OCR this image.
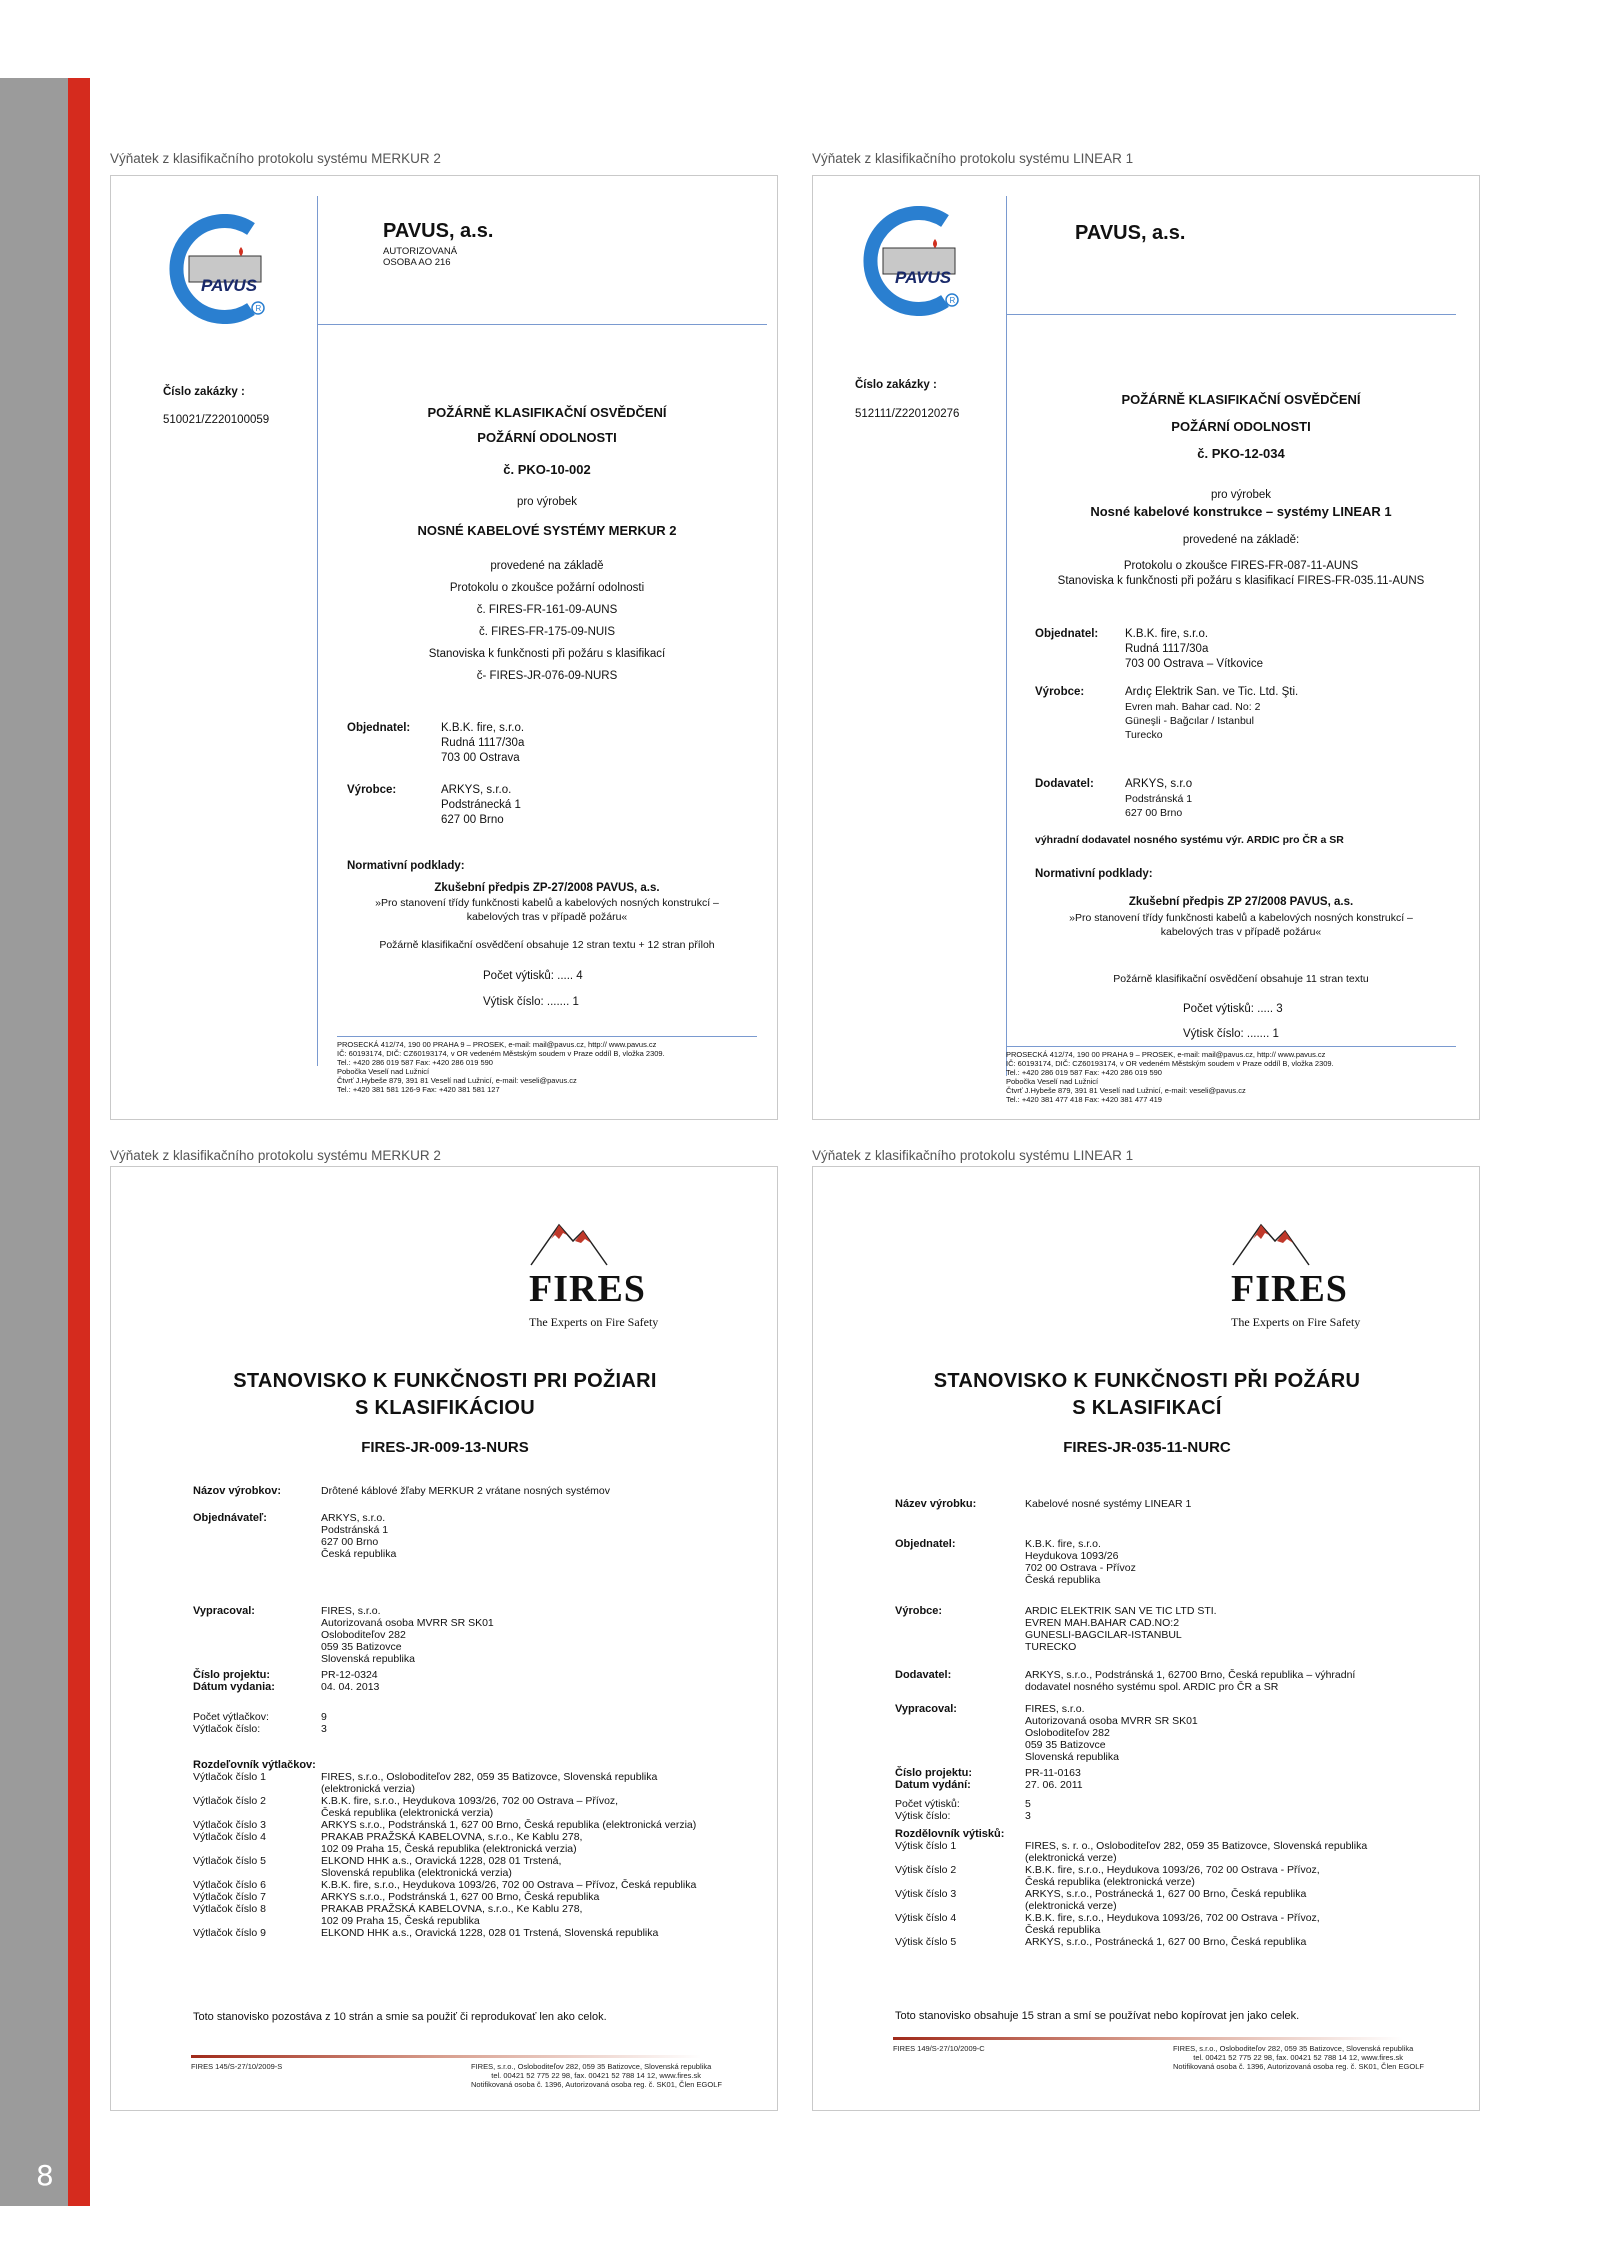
8
Výňatek z klasifikačního protokolu systému MERKUR 2	Výňatek z klasifikačního protokolu systému LINEAR 1
Výňatek z klasifikačního protokolu systému MERKUR 2	Výňatek z klasifikačního protokolu systému LINEAR 1
R
PAVUS
PAVUS, a.s.
AUTORIZOVANÁ
OSOBA AO 216
Číslo zakázky :
510021/Z220100059	POŽÁRNĚ KLASIFIKAČNÍ OSVĚDČENÍ
POŽÁRNÍ ODOLNOSTI
č. PKO-10-002
pro výrobek
NOSNÉ KABELOVÉ SYSTÉMY MERKUR 2
provedené na základě
Protokolu o zkoušce požární odolnosti
č. FIRES-FR-161-09-AUNS
č. FIRES-FR-175-09-NUIS
Stanoviska k funkčnosti při požáru s klasifikací
č- FIRES-JR-076-09-NURS
Objednatel:	K.B.K. fire, s.r.o.
Rudná 1117/30a
703 00 Ostrava
Výrobce:	ARKYS, s.r.o.
Podstránecká 1
627 00 Brno
Normativní podklady:
Zkušební předpis ZP-27/2008 PAVUS, a.s.
»Pro stanovení třídy funkčnosti kabelů a kabelových nosných konstrukcí –
kabelových tras v případě požáru«
Požárně klasifikační osvědčení obsahuje 12 stran textu + 12 stran příloh
Počet výtisků: ..... 4
Výtisk číslo: ....... 1
PROSECKÁ 412/74, 190 00 PRAHA 9 – PROSEK, e-mail: mail@pavus.cz, http:// www.pavus.cz
IČ: 60193174, DIČ: CZ60193174, v OR vedeném Městským soudem v Praze oddíl B, vložka 2309.
Tel.: +420 286 019 587 Fax: +420 286 019 590
Pobočka Veselí nad Lužnicí
Čtvrť J.Hybeše 879, 391 81 Veselí nad Lužnicí, e-mail: veseli@pavus.cz
Tel.: +420 381 581 126-9 Fax: +420 381 581 127
R
PAVUS
PAVUS, a.s.
Číslo zakázky :
512111/Z220120276
POŽÁRNĚ KLASIFIKAČNÍ OSVĚDČENÍ
POŽÁRNÍ ODOLNOSTI
č. PKO-12-034
pro výrobek
Nosné kabelové konstrukce – systémy LINEAR 1
provedené na základě:
Protokolu o zkoušce FIRES-FR-087-11-AUNS
Stanoviska k funkčnosti při požáru s klasifikací FIRES-FR-035.11-AUNS
Objednatel: K.B.K. fire, s.r.o.
Rudná 1117/30a
703 00 Ostrava – Vítkovice
Výrobce:	Ardıç Elektrik San. ve Tic. Ltd. Şti.
Evren mah. Bahar cad. No: 2
Güneşli - Bağcılar / Istanbul
Turecko
Dodavatel:	ARKYS, s.r.o
Podstránská 1
627 00 Brno
výhradní dodavatel nosného systému výr. ARDIC pro ČR a SR
Normativní podklady:
Zkušební předpis ZP 27/2008 PAVUS, a.s.
»Pro stanovení třídy funkčnosti kabelů a kabelových nosných konstrukcí –
kabelových tras v případě požáru«
Požárně klasifikační osvědčení obsahuje 11 stran textu
Počet výtisků: ..... 3
Výtisk číslo: ....... 1
PROSECKÁ 412/74, 190 00 PRAHA 9 – PROSEK, e-mail: mail@pavus.cz, http:// www.pavus.cz
IČ: 60193174, DIČ: CZ60193174, v OR vedeném Městským soudem v Praze oddíl B, vložka 2309.
Tel.: +420 286 019 587 Fax: +420 286 019 590
Pobočka Veselí nad Lužnicí
Čtvrť J.Hybeše 879, 391 81 Veselí nad Lužnicí, e-mail: veseli@pavus.cz
Tel.: +420 381 477 418 Fax: +420 381 477 419
FIRES
The Experts on Fire Safety
STANOVISKO K FUNKČNOSTI PRI POŽIARI
S KLASIFIKÁCIOU
FIRES-JR-009-13-NURS
Toto stanovisko pozostáva z 10 strán a smie sa použiť či reprodukovať len ako celok.
FIRES 145/S-27/10/2009-S	FIRES, s.r.o., Osloboditeľov 282, 059 35 Batizovce, Slovenská republika
tel. 00421 52 775 22 98, fax. 00421 52 788 14 12, www.fires.sk
Notifikovaná osoba č. 1396, Autorizovaná osoba reg. č. SK01, Člen EGOLF
Názov výrobkov:	Drôtené káblové žľaby MERKUR 2 vrátane nosných systémov
Objednávateľ:	ARKYS, s.r.o.
Podstránská 1
627 00 Brno
Česká republika
Vypracoval:	FIRES, s.r.o.
Autorizovaná osoba MVRR SR SK01
Osloboditeľov 282
059 35 Batizovce
Slovenská republika
Číslo projektu:	PR-12-0324
Dátum vydania:	04. 04. 2013
Počet výtlačkov:	9
Výtlačok číslo:	3
Rozdeľovník výtlačkov:
Výtlačok číslo 1	FIRES, s.r.o., Osloboditeľov 282, 059 35 Batizovce, Slovenská republika
(elektronická verzia)
Výtlačok číslo 2	K.B.K. fire, s.r.o., Heydukova 1093/26, 702 00 Ostrava – Přívoz,
Česká republika (elektronická verzia)
Výtlačok číslo 3	ARKYS s.r.o., Podstránská 1, 627 00 Brno, Česká republika (elektronická verzia)
Výtlačok číslo 4	PRAKAB PRAŽSKÁ KABELOVNA, s.r.o., Ke Kablu 278,
102 09 Praha 15, Česká republika (elektronická verzia)
Výtlačok číslo 5	ELKOND HHK a.s., Oravická 1228, 028 01 Trstená,
Slovenská republika (elektronická verzia)
Výtlačok číslo 6	K.B.K. fire, s.r.o., Heydukova 1093/26, 702 00 Ostrava – Přívoz, Česká republika
Výtlačok číslo 7	ARKYS s.r.o., Podstránská 1, 627 00 Brno, Česká republika
Výtlačok číslo 8	PRAKAB PRAŽSKÁ KABELOVNA, s.r.o., Ke Kablu 278,
102 09 Praha 15, Česká republika
Výtlačok číslo 9	ELKOND HHK a.s., Oravická 1228, 028 01 Trstená, Slovenská republika
FIRES
The Experts on Fire Safety
STANOVISKO K FUNKČNOSTI PŘI POŽÁRU
S KLASIFIKACÍ
FIRES-JR-035-11-NURC
Toto stanovisko obsahuje 15 stran a smí se používat nebo kopírovat jen jako celek.
FIRES 149/S-27/10/2009-C	FIRES, s.r.o., Osloboditeľov 282, 059 35 Batizovce, Slovenská republika
tel. 00421 52 775 22 98, fax. 00421 52 788 14 12, www.fires.sk
Notifikovaná osoba č. 1396, Autorizovaná osoba reg. č. SK01, Člen EGOLF
Název výrobku:	Kabelové nosné systémy LINEAR 1
Objednatel:	K.B.K. fire, s.r.o.
Heydukova 1093/26
702 00 Ostrava - Přívoz
Česká republika
Výrobce:	ARDIC ELEKTRIK SAN VE TIC LTD STI.
EVREN MAH.BAHAR CAD.NO:2
GUNESLI-BAGCILAR-ISTANBUL
TURECKO
Dodavatel:	ARKYS, s.r.o., Podstránská 1, 62700 Brno, Česká republika – výhradní
dodavatel nosného systému spol. ARDIC pro ČR a SR
Vypracoval:	FIRES, s.r.o.
Autorizovaná osoba MVRR SR SK01
Osloboditeľov 282
059 35 Batizovce
Slovenská republika
Číslo projektu:	PR-11-0163
Datum vydání:	27. 06. 2011
Počet výtisků:	5
Výtisk číslo:	3
Rozdělovník výtisků:
Výtisk číslo 1	FIRES, s. r. o., Osloboditeľov 282, 059 35 Batizovce, Slovenská republika
(elektronická verze)
Výtisk číslo 2	K.B.K. fire, s.r.o., Heydukova 1093/26, 702 00 Ostrava - Přívoz,
Česká republika (elektronická verze)
Výtisk číslo 3	ARKYS, s.r.o., Postránecká 1, 627 00 Brno, Česká republika
(elektronická verze)
Výtisk číslo 4	K.B.K. fire, s.r.o., Heydukova 1093/26, 702 00 Ostrava - Přívoz,
Česká republika
Výtisk číslo 5	ARKYS, s.r.o., Postránecká 1, 627 00 Brno, Česká republika
